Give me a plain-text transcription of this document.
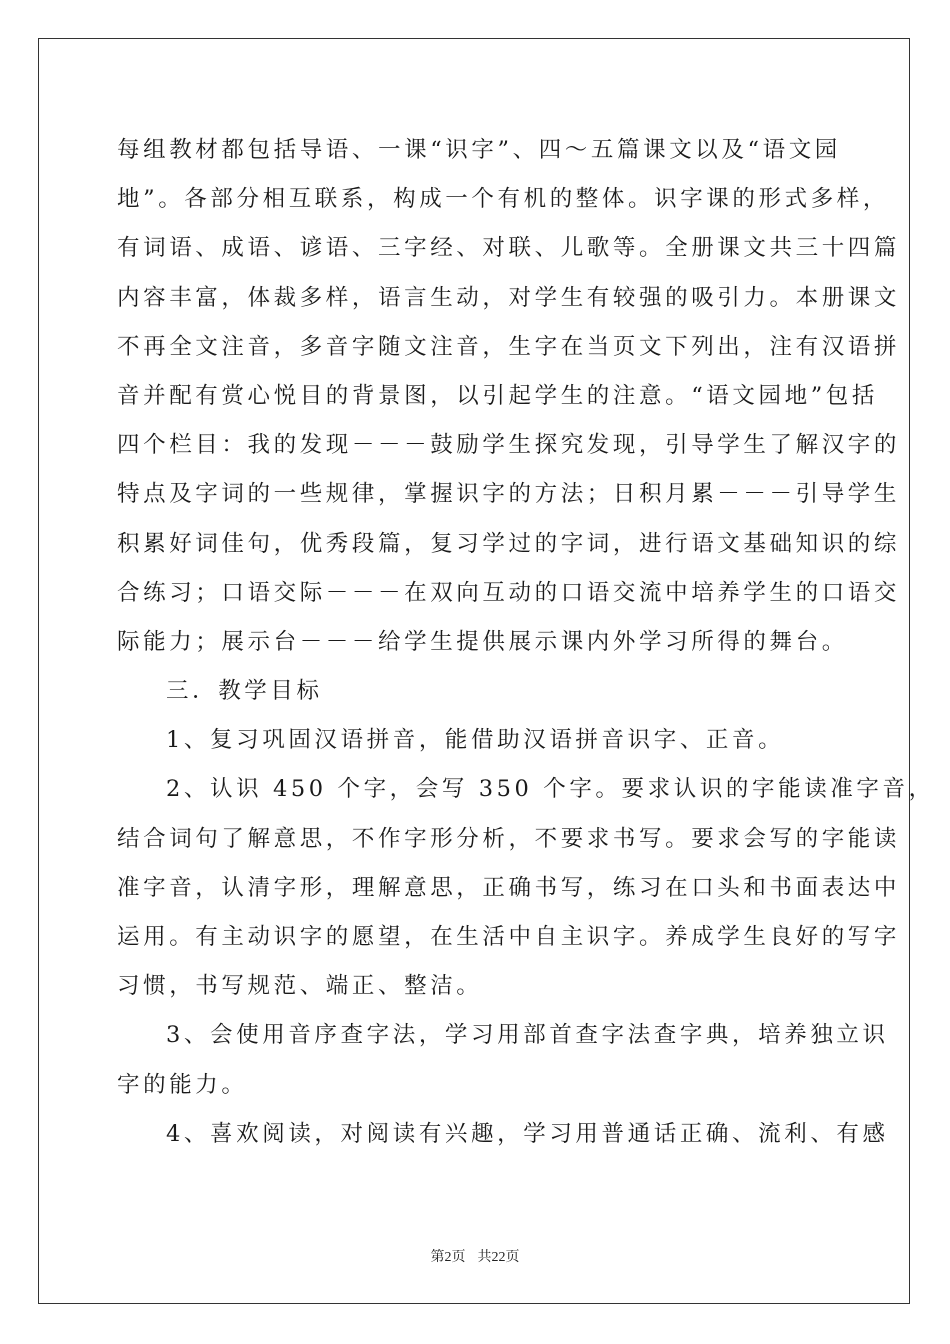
每组教材都包括导语、一课“识字”、四～五篇课文以及“语文园
地”。各部分相互联系，构成一个有机的整体。识字课的形式多样，
有词语、成语、谚语、三字经、对联、儿歌等。全册课文共三十四篇
内容丰富，体裁多样，语言生动，对学生有较强的吸引力。本册课文
不再全文注音，多音字随文注音，生字在当页文下列出，注有汉语拼
音并配有赏心悦目的背景图，以引起学生的注意。“语文园地”包括
四个栏目：我的发现－－－鼓励学生探究发现，引导学生了解汉字的
特点及字词的一些规律，掌握识字的方法；日积月累－－－引导学生
积累好词佳句，优秀段篇，复习学过的字词，进行语文基础知识的综
合练习；口语交际－－－在双向互动的口语交流中培养学生的口语交
际能力；展示台－－－给学生提供展示课内外学习所得的舞台。
三．教学目标
1、复习巩固汉语拼音，能借助汉语拼音识字、正音。
2、认识 450 个字，会写 350 个字。要求认识的字能读准字音，
结合词句了解意思，不作字形分析，不要求书写。要求会写的字能读
准字音，认清字形，理解意思，正确书写，练习在口头和书面表达中
运用。有主动识字的愿望，在生活中自主识字。养成学生良好的写字
习惯，书写规范、端正、整洁。
3、会使用音序查字法，学习用部首查字法查字典，培养独立识
字的能力。
4、喜欢阅读，对阅读有兴趣，学习用普通话正确、流利、有感
第2页 共22页
